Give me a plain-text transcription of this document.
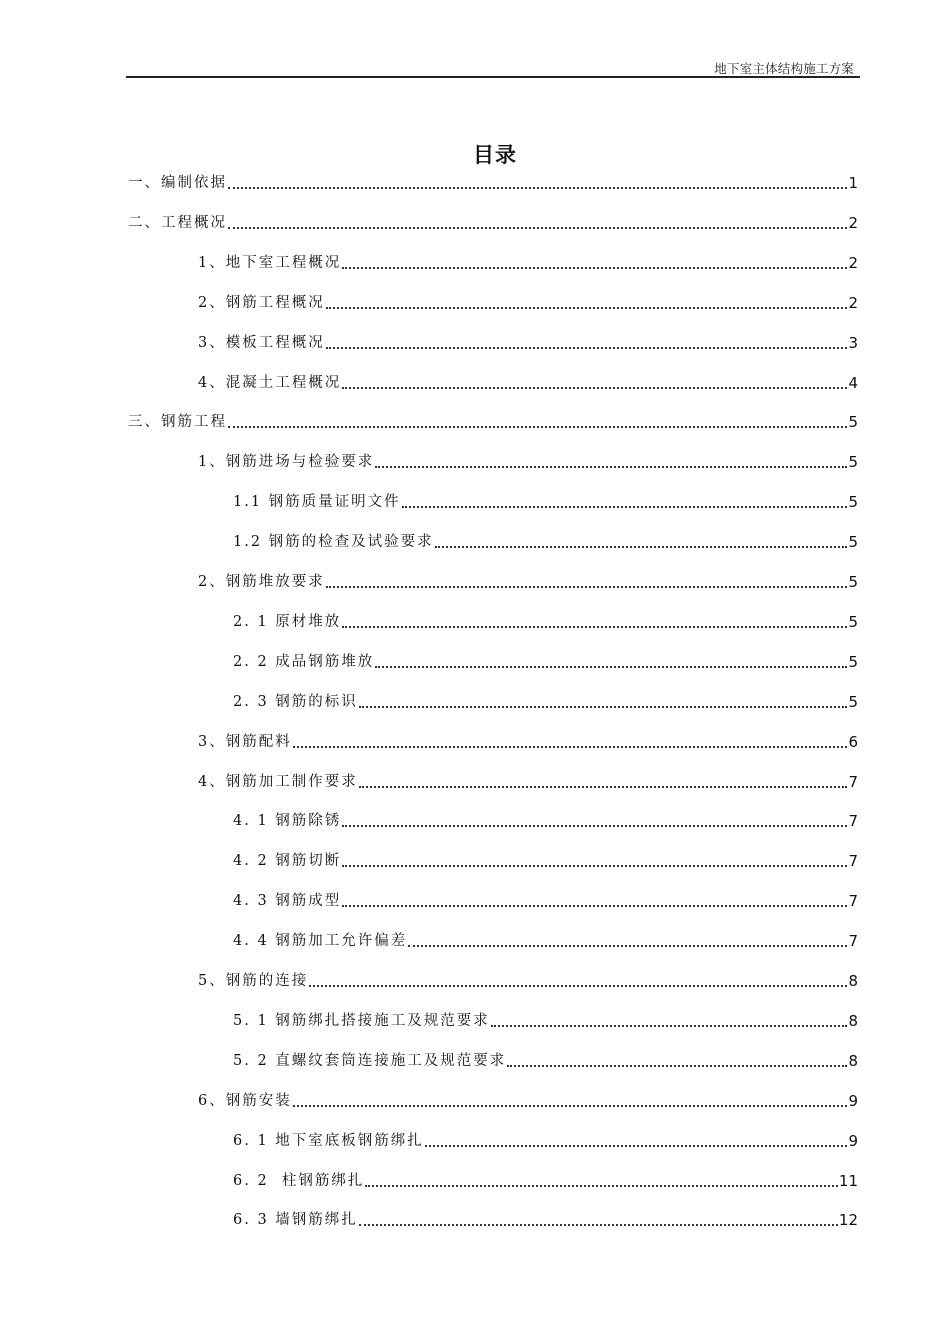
地下室主体结构施工方案
目录
一、编制依据	1
二、工程概况	2
1、地下室工程概况	2
2、钢筋工程概况	2
3、模板工程概况	3
4、混凝土工程概况	4
三、钢筋工程	5
1、钢筋进场与检验要求	5
1.1 钢筋质量证明文件	5
1.2 钢筋的检查及试验要求	5
2、钢筋堆放要求	5
2. 1 原材堆放	5
2. 2 成品钢筋堆放	5
2. 3 钢筋的标识	5
3、钢筋配料	6
4、钢筋加工制作要求	7
4. 1 钢筋除锈	7
4. 2 钢筋切断	7
4. 3 钢筋成型	7
4. 4 钢筋加工允许偏差	7
5、钢筋的连接	8
5. 1 钢筋绑扎搭接施工及规范要求	8
5. 2 直螺纹套筒连接施工及规范要求	8
6、钢筋安装	9
6. 1 地下室底板钢筋绑扎	9
6. 2  柱钢筋绑扎	11
6. 3 墙钢筋绑扎	12
